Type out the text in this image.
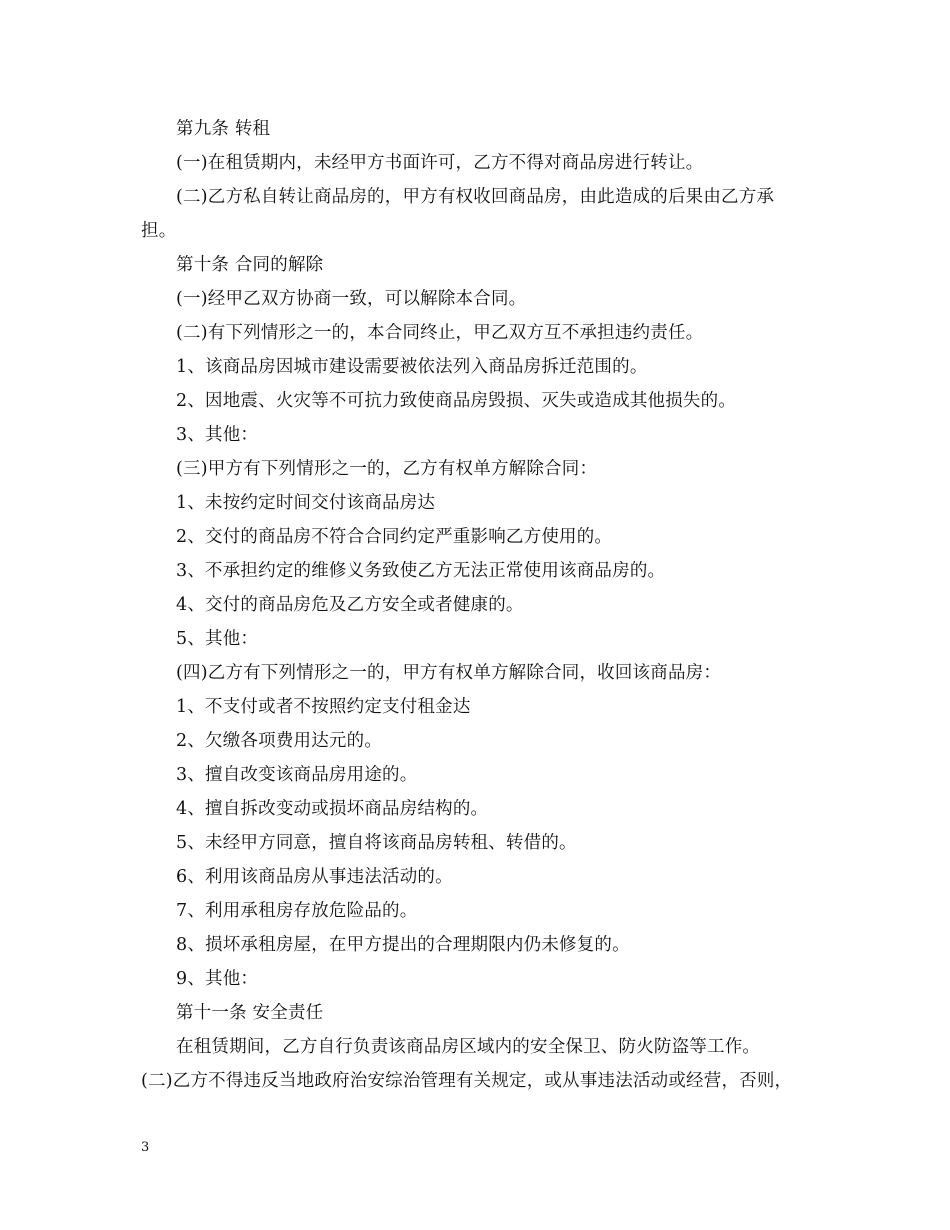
第九条 转租
(一)在租赁期内，未经甲方书面许可，乙方不得对商品房进行转让。
(二)乙方私自转让商品房的，甲方有权收回商品房，由此造成的后果由乙方承
担。
第十条 合同的解除
(一)经甲乙双方协商一致，可以解除本合同。
(二)有下列情形之一的，本合同终止，甲乙双方互不承担违约责任。
1、该商品房因城市建设需要被依法列入商品房拆迁范围的。
2、因地震、火灾等不可抗力致使商品房毁损、灭失或造成其他损失的。
3、其他：
(三)甲方有下列情形之一的，乙方有权单方解除合同：
1、未按约定时间交付该商品房达
2、交付的商品房不符合合同约定严重影响乙方使用的。
3、不承担约定的维修义务致使乙方无法正常使用该商品房的。
4、交付的商品房危及乙方安全或者健康的。
5、其他：
(四)乙方有下列情形之一的，甲方有权单方解除合同，收回该商品房：
1、不支付或者不按照约定支付租金达
2、欠缴各项费用达元的。
3、擅自改变该商品房用途的。
4、擅自拆改变动或损坏商品房结构的。
5、未经甲方同意，擅自将该商品房转租、转借的。
6、利用该商品房从事违法活动的。
7、利用承租房存放危险品的。
8、损坏承租房屋，在甲方提出的合理期限内仍未修复的。
9、其他：
第十一条 安全责任
在租赁期间，乙方自行负责该商品房区域内的安全保卫、防火防盗等工作。
(二)乙方不得违反当地政府治安综治管理有关规定，或从事违法活动或经营，否则，
3
